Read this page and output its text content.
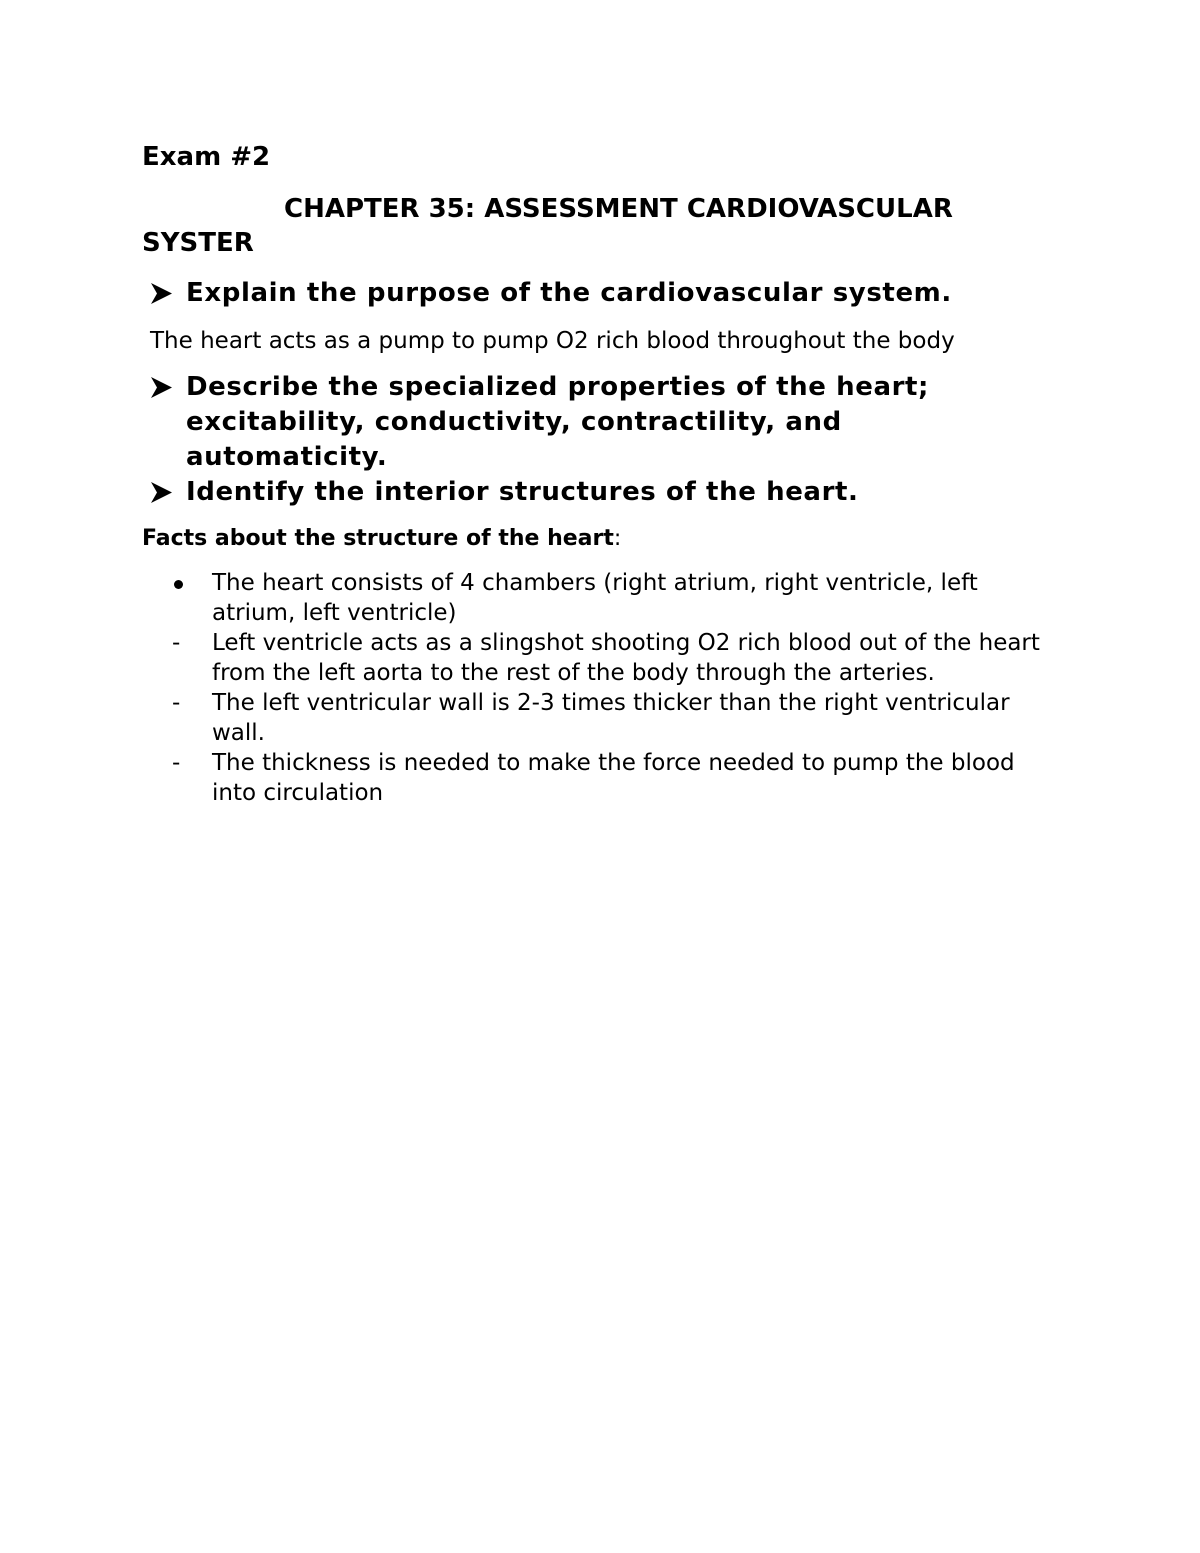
Exam #2
CHAPTER 35: ASSESSMENT CARDIOVASCULAR SYSTER
Explain the purpose of the cardiovascular system.
The heart acts as a pump to pump O2 rich blood throughout the body
Describe the specialized properties of the heart; excitability, conductivity, contractility, and automaticity.
Identify the interior structures of the heart.
Facts about the structure of the heart:
The heart consists of 4 chambers (right atrium, right ventricle, left atrium, left ventricle)
-	Left ventricle acts as a slingshot shooting O2 rich blood out of the heart from the left aorta to the rest of the body through the arteries.
-	The left ventricular wall is 2-3 times thicker than the right ventricular wall.
-	The thickness is needed to make the force needed to pump the blood into circulation
